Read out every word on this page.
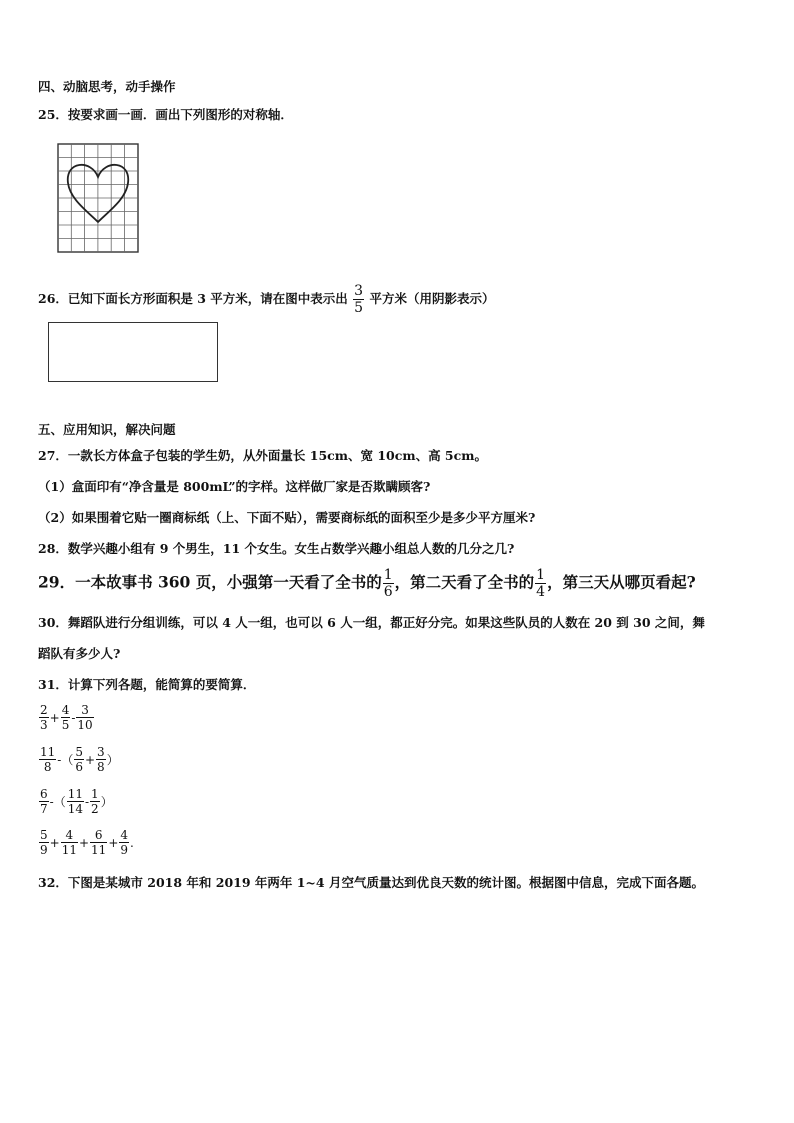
四、动脑思考，动手操作
25．按要求画一画．画出下列图形的对称轴．
26．已知下面长方形面积是 3 平方米，请在图中表示出 $\frac{3}{5}$ 平方米（用阴影表示）
五、应用知识，解决问题
27．一款长方体盒子包装的学生奶，从外面量长 15cm、宽 10cm、高 5cm。
（1）盒面印有“净含量是 800mL”的字样。这样做厂家是否欺瞒顾客?
（2）如果围着它贴一圈商标纸（上、下面不贴），需要商标纸的面积至少是多少平方厘米?
28．数学兴趣小组有 9 个男生，11 个女生。女生占数学兴趣小组总人数的几分之几?
29．一本故事书 360 页，小强第一天看了全书的 $\frac{1}{6}$ ，第二天看了全书的 $\frac{1}{4}$ ，第三天从哪页看起?
30．舞蹈队进行分组训练，可以 4 人一组，也可以 6 人一组，都正好分完。如果这些队员的人数在 20 到 30 之间，舞
蹈队有多少人?
31．计算下列各题，能简算的要简算．
$\frac{2}{3} + \frac{4}{5} - \frac{3}{10}$
$\frac{11}{8}$ -（ $\frac{5}{6} + \frac{3}{8}$ ）
$\frac{6}{7}$ -（ $\frac{11}{14} - \frac{1}{2}$ ）
$\frac{5}{9} + \frac{4}{11} + \frac{6}{11} + \frac{4}{9}$ .
32．下图是某城市 2018 年和 2019 年两年 1~4 月空气质量达到优良天数的统计图。根据图中信息，完成下面各题。
